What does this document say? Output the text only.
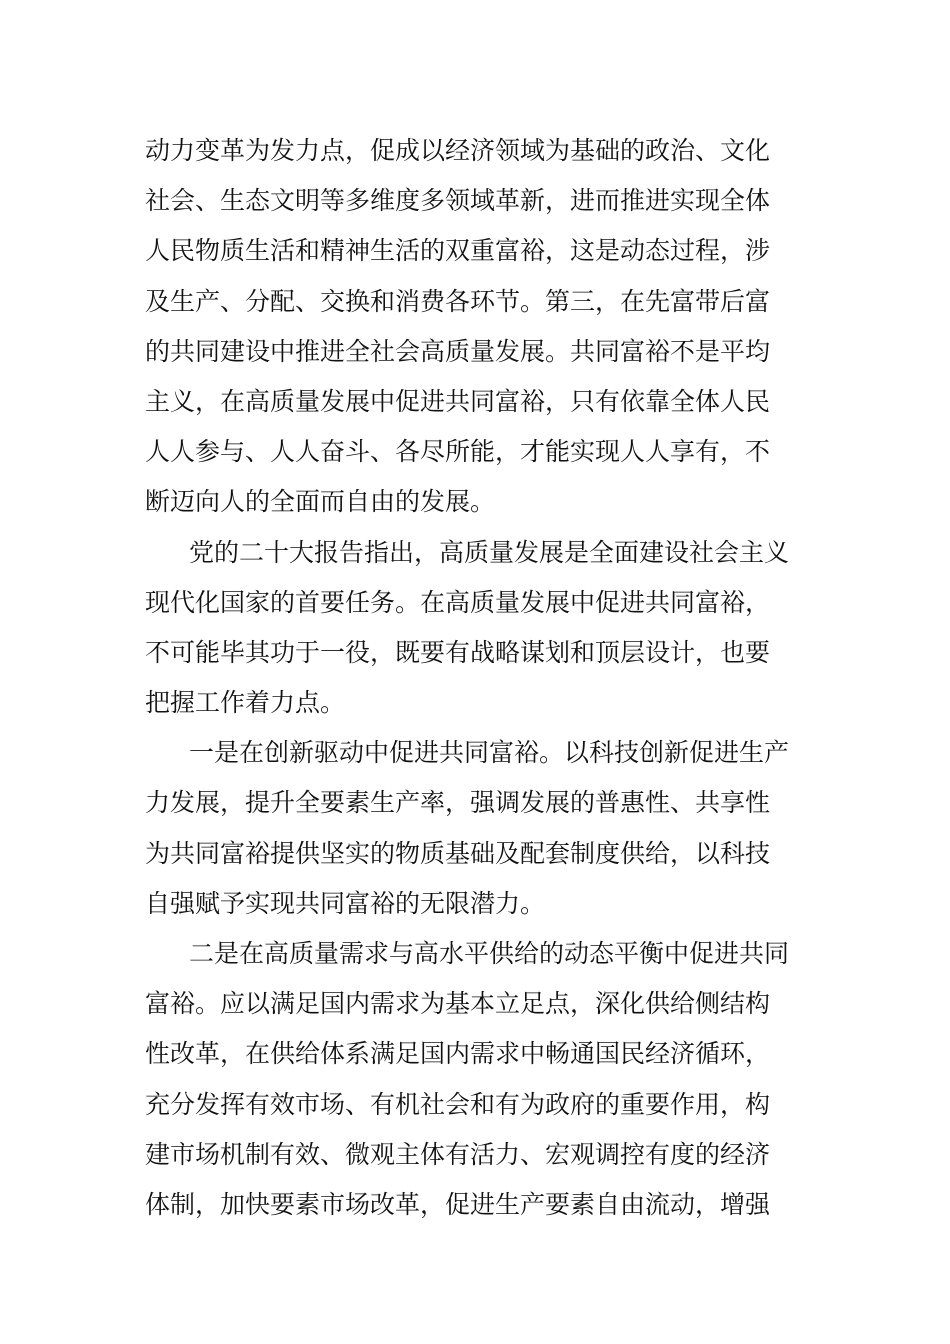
动力变革为发力点，促成以经济领域为基础的政治、文化
社会、生态文明等多维度多领域革新，进而推进实现全体
人民物质生活和精神生活的双重富裕，这是动态过程，涉
及生产、分配、交换和消费各环节。第三，在先富带后富
的共同建设中推进全社会高质量发展。共同富裕不是平均
主义，在高质量发展中促进共同富裕，只有依靠全体人民
人人参与、人人奋斗、各尽所能，才能实现人人享有，不
断迈向人的全面而自由的发展。
党的二十大报告指出，高质量发展是全面建设社会主义
现代化国家的首要任务。在高质量发展中促进共同富裕，
不可能毕其功于一役，既要有战略谋划和顶层设计，也要
把握工作着力点。
一是在创新驱动中促进共同富裕。以科技创新促进生产
力发展，提升全要素生产率，强调发展的普惠性、共享性
为共同富裕提供坚实的物质基础及配套制度供给，以科技
自强赋予实现共同富裕的无限潜力。
二是在高质量需求与高水平供给的动态平衡中促进共同
富裕。应以满足国内需求为基本立足点，深化供给侧结构
性改革，在供给体系满足国内需求中畅通国民经济循环，
充分发挥有效市场、有机社会和有为政府的重要作用，构
建市场机制有效、微观主体有活力、宏观调控有度的经济
体制，加快要素市场改革，促进生产要素自由流动，增强
